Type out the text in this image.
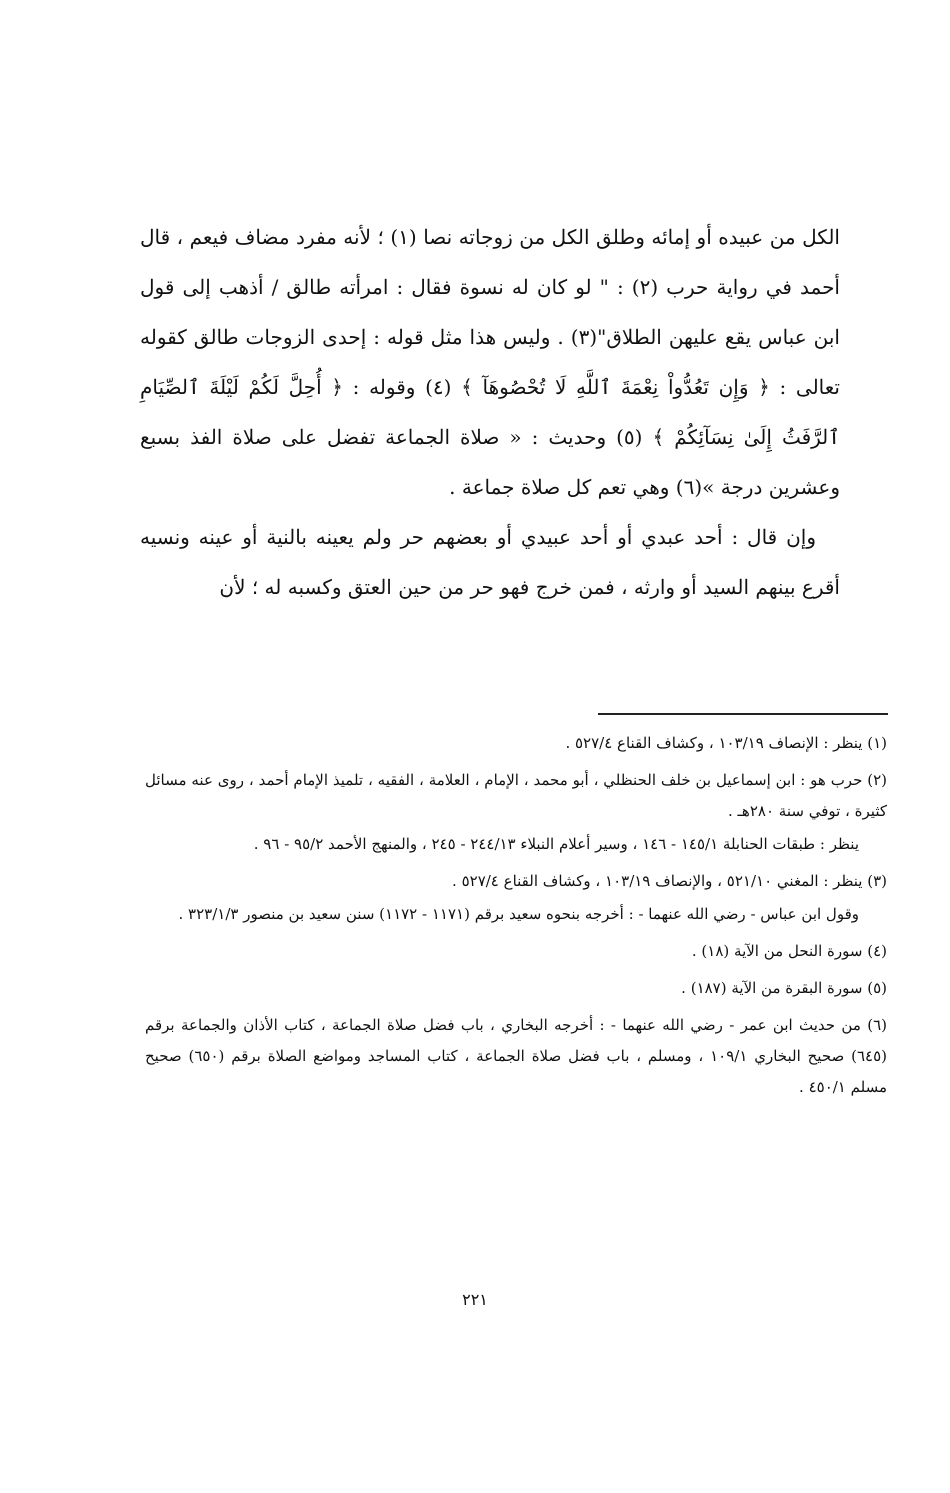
الكل من عبيده أو إمائه وطلق الكل من زوجاته نصا (١) ؛ لأنه مفرد مضاف فيعم ، قال أحمد في رواية حرب (٢) : " لو كان له نسوة فقال : امرأته طالق / أذهب إلى قول ابن عباس يقع عليهن الطلاق"(٣) . وليس هذا مثل قوله : إحدى الزوجات طالق كقوله تعالى : ﴿ وَإِن تَعُدُّواْ نِعْمَةَ ٱللَّهِ لَا تُحْصُوهَآ ﴾ (٤) وقوله : ﴿ أُحِلَّ لَكُمْ لَيْلَةَ ٱلصِّيَامِ ٱلرَّفَثُ إِلَىٰ نِسَآئِكُمْ ﴾ (٥) وحديث : « صلاة الجماعة تفضل على صلاة الفذ بسبع وعشرين درجة »(٦) وهي تعم كل صلاة جماعة .

وإن قال : أحد عبدي أو أحد عبيدي أو بعضهم حر ولم يعينه بالنية أو عينه ونسيه أقرع بينهم السيد أو وارثه ، فمن خرج فهو حر من حين العتق وكسبه له ؛ لأن

(١) ينظر : الإنصاف ١٠٣/١٩ ، وكشاف القناع ٥٢٧/٤ .
(٢) حرب هو : ابن إسماعيل بن خلف الحنظلي ، أبو محمد ، الإمام ، العلامة ، الفقيه ، تلميذ الإمام أحمد ، روى عنه مسائل كثيرة ، توفي سنة ٢٨٠هـ .
ينظر : طبقات الحنابلة ١٤٥/١ - ١٤٦ ، وسير أعلام النبلاء ٢٤٤/١٣ - ٢٤٥ ، والمنهج الأحمد ٩٥/٢ - ٩٦ .
(٣) ينظر : المغني ٥٢١/١٠ ، والإنصاف ١٠٣/١٩ ، وكشاف القناع ٥٢٧/٤ .
وقول ابن عباس - رضي الله عنهما - : أخرجه بنحوه سعيد برقم (١١٧١ - ١١٧٢) سنن سعيد بن منصور ٣٢٣/١/٣ .
(٤) سورة النحل من الآية (١٨) .
(٥) سورة البقرة من الآية (١٨٧) .
(٦) من حديث ابن عمر - رضي الله عنهما - : أخرجه البخاري ، باب فضل صلاة الجماعة ، كتاب الأذان والجماعة برقم (٦٤٥) صحيح البخاري ١٠٩/١ ، ومسلم ، باب فضل صلاة الجماعة ، كتاب المساجد ومواضع الصلاة برقم (٦٥٠) صحيح مسلم ٤٥٠/١ .
٢٢١
